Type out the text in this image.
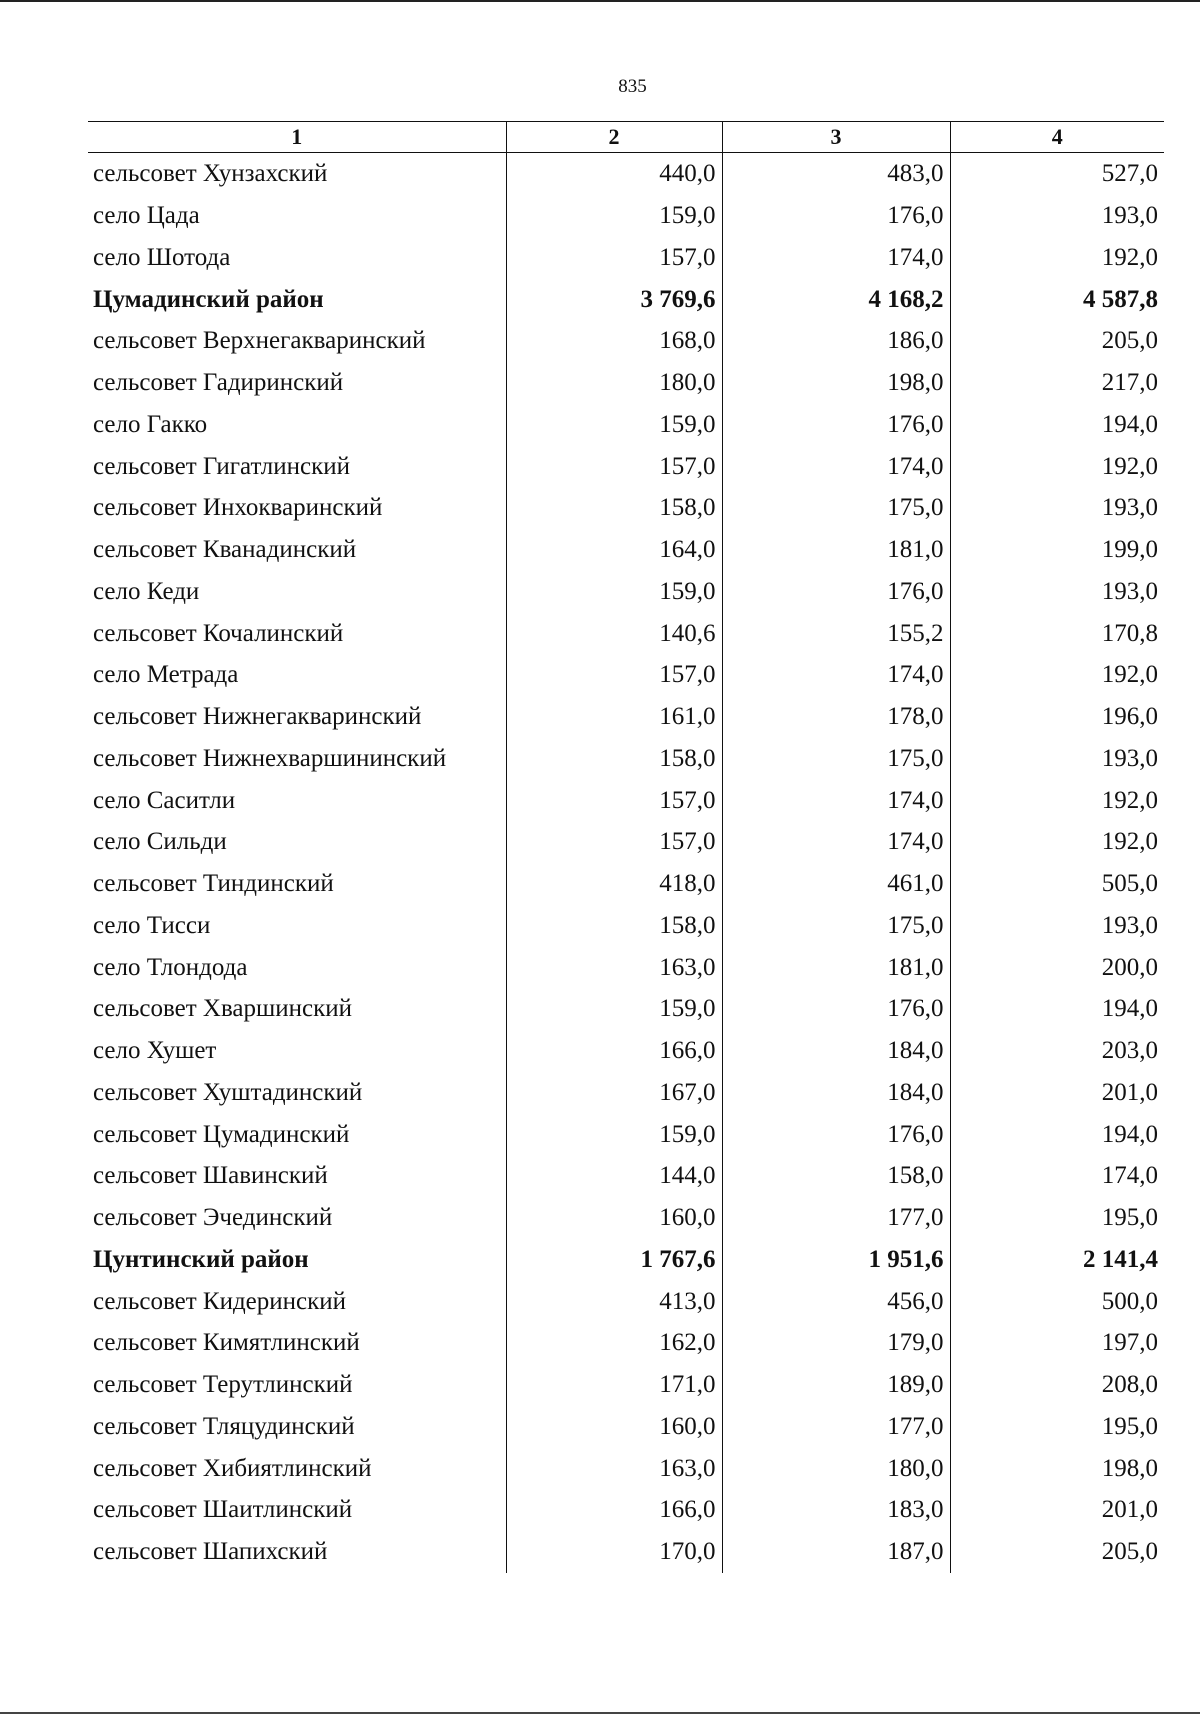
835
1	2	3	4
сельсовет Хунзахский	440,0	483,0	527,0
село Цада	159,0	176,0	193,0
село Шотода	157,0	174,0	192,0
Цумадинский район	3 769,6	4 168,2	4 587,8
сельсовет Верхнегакваринский	168,0	186,0	205,0
сельсовет Гадиринский	180,0	198,0	217,0
село Гакко	159,0	176,0	194,0
сельсовет Гигатлинский	157,0	174,0	192,0
сельсовет Инхокваринский	158,0	175,0	193,0
сельсовет Кванадинский	164,0	181,0	199,0
село Кеди	159,0	176,0	193,0
сельсовет Кочалинский	140,6	155,2	170,8
село Метрада	157,0	174,0	192,0
сельсовет Нижнегакваринский	161,0	178,0	196,0
сельсовет Нижнехваршининский	158,0	175,0	193,0
село Саситли	157,0	174,0	192,0
село Сильди	157,0	174,0	192,0
сельсовет Тиндинский	418,0	461,0	505,0
село Тисси	158,0	175,0	193,0
село Тлондода	163,0	181,0	200,0
сельсовет Хваршинский	159,0	176,0	194,0
село Хушет	166,0	184,0	203,0
сельсовет Хуштадинский	167,0	184,0	201,0
сельсовет Цумадинский	159,0	176,0	194,0
сельсовет Шавинский	144,0	158,0	174,0
сельсовет Эчединский	160,0	177,0	195,0
Цунтинский район	1 767,6	1 951,6	2 141,4
сельсовет Кидеринский	413,0	456,0	500,0
сельсовет Кимятлинский	162,0	179,0	197,0
сельсовет Терутлинский	171,0	189,0	208,0
сельсовет Тляцудинский	160,0	177,0	195,0
сельсовет Хибиятлинский	163,0	180,0	198,0
сельсовет Шаитлинский	166,0	183,0	201,0
сельсовет Шапихский	170,0	187,0	205,0
